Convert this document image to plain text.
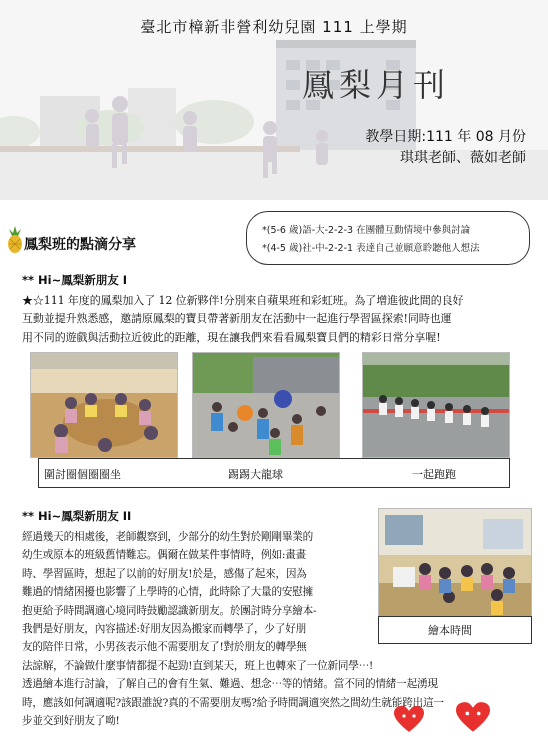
臺北市樟新非營利幼兒園 111 上學期
鳳梨月刊
教學日期:111 年 08 月份
琪琪老師、薇如老師
鳳梨班的點滴分享
*(5-6 歲)語-大-2-2-3 在團體互動情境中參與討論
*(4-5 歲)社-中-2-2-1 表達自己並願意聆聽他人想法
** Hi~鳳梨新朋友 I
★☆111 年度的鳳梨加入了 12 位新夥伴!分別來自蘋果班和彩虹班。為了增進彼此間的良好
互動並提升熟悉感，邀請原鳳梨的寶貝帶著新朋友在活動中一起進行學習區探索!同時也運
用不同的遊戲與活動拉近彼此的距離，現在讓我們來看看鳳梨寶貝們的精彩日常分享喔!
圍討圈個圈圈坐	踢踢大龍球	一起跑跑
** Hi~鳳梨新朋友 II
經過幾天的相處後，老師觀察到，少部分的幼生對於剛剛畢業的
幼生或原本的班級舊情難忘。偶爾在做某件事情時，例如:畫畫
時、學習區時，想起了以前的好朋友!於是，感傷了起來，因為
難過的情緒困擾也影響了上學時的心情，此時除了大量的安慰擁
抱更給予時間調適心境同時鼓勵認識新朋友。於團討時分享繪本-
我們是好朋友，內容描述:好朋友因為搬家而轉學了，少了好朋
友的陪伴日常，小男孩表示他不需要朋友了!對於朋友的轉學無
法諒解，不論做什麼事情都提不起勁!直到某天，班上也轉來了一位新同學⋯!
透過繪本進行討論，了解自己的會有生氣、難過、想念⋯等的情緒。當不同的情緒一起湧現
時，應該如何調適呢?該跟誰說?真的不需要朋友嗎?給予時間調適突然之間幼生就能跨出這一
步並交到好朋友了呦!
繪本時間
